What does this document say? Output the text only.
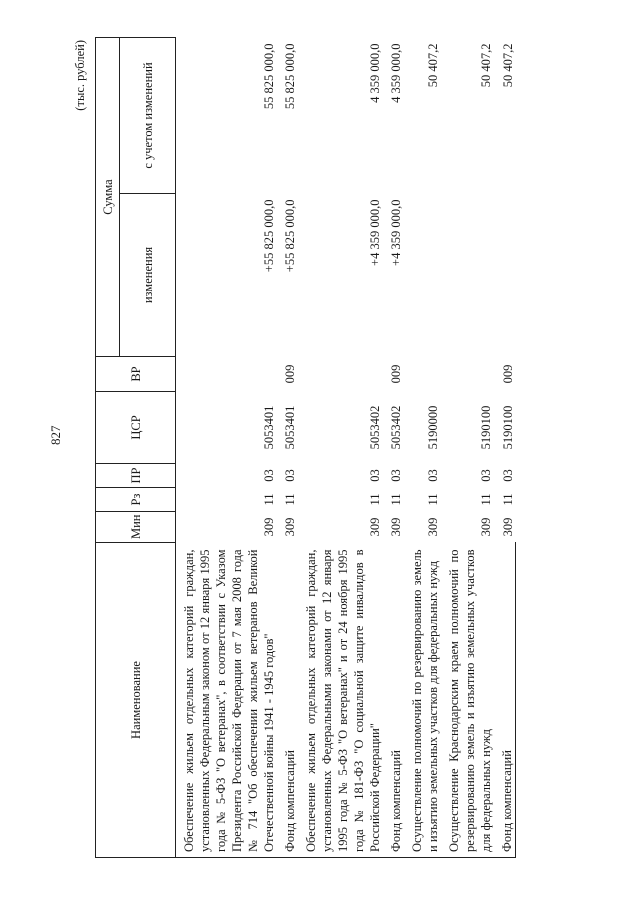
827
(тыс. рублей)
Наименование	Мин	Рз	ПР	ЦСР	ВР	Сумма	
						изменения	с учетом изменений

Обеспечение жильем отдельных категорий граждан, установленных Федеральным законом от 12 января 1995 года № 5-ФЗ "О ветеранах", в соответствии с Указом Президента Российской Федерации от 7 мая 2008 года № 714 "Об обеспечении жильем ветеранов Великой Отечественной войны 1941 - 1945 годов"	309	11	03	5053401		+55 825 000,0	55 825 000,0

Фонд компенсаций	309	11	03	5053401	009	+55 825 000,0	55 825 000,0

Обеспечение жильем отдельных категорий граждан, установленных Федеральными законами от 12 января 1995 года № 5-ФЗ "О ветеранах" и от 24 ноября 1995 года № 181-ФЗ "О социальной защите инвалидов в Российской Федерации"	309	11	03	5053402		+4 359 000,0	4 359 000,0

Фонд компенсаций	309	11	03	5053402	009	+4 359 000,0	4 359 000,0

Осуществление полномочий по резервированию земель и изъятию земельных участков для федеральных нужд	309	11	03	5190000			50 407,2

Осуществление Краснодарским краем полномочий по резервированию земель и изъятию земельных участков для федеральных нужд	309	11	03	5190100			50 407,2

Фонд компенсаций	309	11	03	5190100	009		50 407,2
